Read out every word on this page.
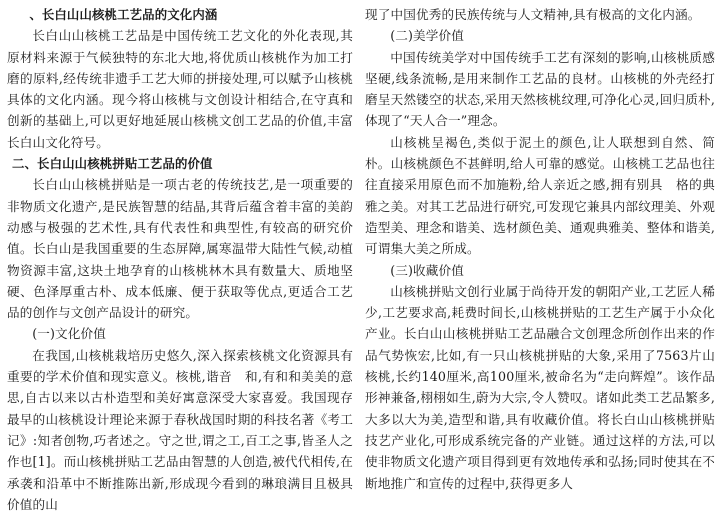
、长白山山核桃工艺品的文化内涵

长白山山核桃工艺品是中国传统工艺文化的外化表现,其原材料来源于气候独特的东北大地,将优质山核桃作为加工打磨的原料,经传统非遗手工艺大师的拼接处理,可以赋予山核桃具体的文化内涵。现今将山核桃与文创设计相结合,在守真和创新的基础上,可以更好地延展山核桃文创工艺品的价值,丰富长白山文化符号。

二、长白山山核桃拼贴工艺品的价值

长白山山核桃拼贴是一项古老的传统技艺,是一项重要的非物质文化遗产,是民族智慧的结晶,其背后蕴含着丰富的美韵动感与极强的艺术性,具有代表性和典型性,有较高的研究价值。长白山是我国重要的生态屏障,属寒温带大陆性气候,动植物资源丰富,这块土地孕育的山核桃林木具有数量大、质地坚硬、色泽厚重古朴、成本低廉、便于获取等优点,更适合工艺品的创作与文创产品设计的研究。

(一)文化价值

在我国,山核桃栽培历史悠久,深入探索核桃文化资源具有重要的学术价值和现实意义。核桃,谐音　和,有和和美美的意思,自古以来以古朴造型和美好寓意深受大家喜爱。我国现存最早的山核桃设计理论来源于春秋战国时期的科技名著《考工记》:知者创物,巧者述之。守之世,谓之工,百工之事,皆圣人之作也[1]。而山核桃拼贴工艺品由智慧的人创造,被代代相传,在承袭和沿革中不断推陈出新,形成现今看到的琳琅满目且极具价值的山

现了中国优秀的民族传统与人文精神,具有极高的文化内涵。

(二)美学价值

中国传统美学对中国传统手工艺有深刻的影响,山核桃质感坚硬,线条流畅,是用来制作工艺品的良材。山核桃的外壳经打磨呈天然镂空的状态,采用天然核桃纹理,可净化心灵,回归质朴,体现了“天人合一”理念。

山核桃呈褐色,类似于泥土的颜色,让人联想到自然、简朴。山核桃颜色不甚鲜明,给人可靠的感觉。山核桃工艺品也往往直接采用原色而不加施粉,给人亲近之感,拥有别具　格的典雅之美。对其工艺品进行研究,可发现它兼具内部纹理美、外观造型美、理念和谐美、选材颜色美、通观典雅美、整体和谐美,可谓集大美之所成。

(三)收藏价值

山核桃拼贴文创行业属于尚待开发的朝阳产业,工艺匠人稀少,工艺要求高,耗费时间长,山核桃拼贴的工艺生产属于小众化产业。长白山山核桃拼贴工艺品融合文创理念所创作出来的作品气势恢宏,比如,有一只山核桃拼贴的大象,采用了7563片山核桃,长约140厘米,高100厘米,被命名为“走向辉煌”。该作品形神兼备,栩栩如生,蔚为大宗,令人赞叹。诸如此类工艺品繁多,大多以大为美,造型和谐,具有收藏价值。将长白山山核桃拼贴技艺产业化,可形成系统完备的产业链。通过这样的方法,可以使非物质文化遗产项目得到更有效地传承和弘扬;同时使其在不断地推广和宣传的过程中,获得更多人
